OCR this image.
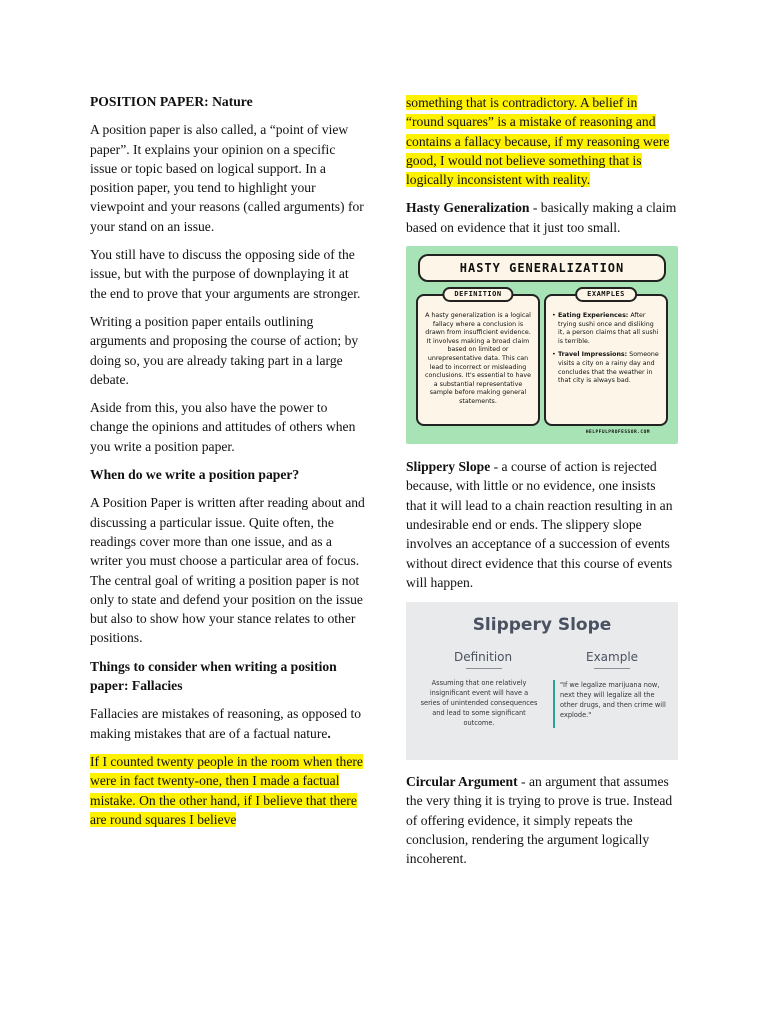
POSITION PAPER: Nature

A position paper is also called, a “point of view paper”. It explains your opinion on a specific issue or topic based on logical support. In a position paper, you tend to highlight your viewpoint and your reasons (called arguments) for your stand on an issue.

You still have to discuss the opposing side of the issue, but with the purpose of downplaying it at the end to prove that your arguments are stronger.

Writing a position paper entails outlining arguments and proposing the course of action; by doing so, you are already taking part in a large debate.

Aside from this, you also have the power to change the opinions and attitudes of others when you write a position paper.

When do we write a position paper?

A Position Paper is written after reading about and discussing a particular issue. Quite often, the readings cover more than one issue, and as a writer you must choose a particular area of focus. The central goal of writing a position paper is not only to state and defend your position on the issue but also to show how your stance relates to other positions.

Things to consider when writing a position paper: Fallacies

Fallacies are mistakes of reasoning, as opposed to making mistakes that are of a factual nature.

If I counted twenty people in the room when there were in fact twenty-one, then I made a factual mistake. On the other hand, if I believe that there are round squares I believe

something that is contradictory. A belief in “round squares” is a mistake of reasoning and contains a fallacy because, if my reasoning were good, I would not believe something that is logically inconsistent with reality.

Hasty Generalization - basically making a claim based on evidence that it just too small.

HASTY GENERALIZATION
DEFINITION
A hasty generalization is a logical fallacy where a conclusion is drawn from insufficient evidence. It involves making a broad claim based on limited or unrepresentative data. This can lead to incorrect or misleading conclusions. It's essential to have a substantial representative sample before making general statements.
EXAMPLES
• Eating Experiences: After trying sushi once and disliking it, a person claims that all sushi is terrible.
• Travel Impressions: Someone visits a city on a rainy day and concludes that the weather in that city is always bad.
HELPFULPROFESSOR.COM

Slippery Slope - a course of action is rejected because, with little or no evidence, one insists that it will lead to a chain reaction resulting in an undesirable end or ends. The slippery slope involves an acceptance of a succession of events without direct evidence that this course of events will happen.

Slippery Slope
Definition	Example
Assuming that one relatively insignificant event will have a series of unintended consequences and lead to some significant outcome.
"If we legalize marijuana now, next they will legalize all the other drugs, and then crime will explode."

Circular Argument - an argument that assumes the very thing it is trying to prove is true. Instead of offering evidence, it simply repeats the conclusion, rendering the argument logically incoherent.
